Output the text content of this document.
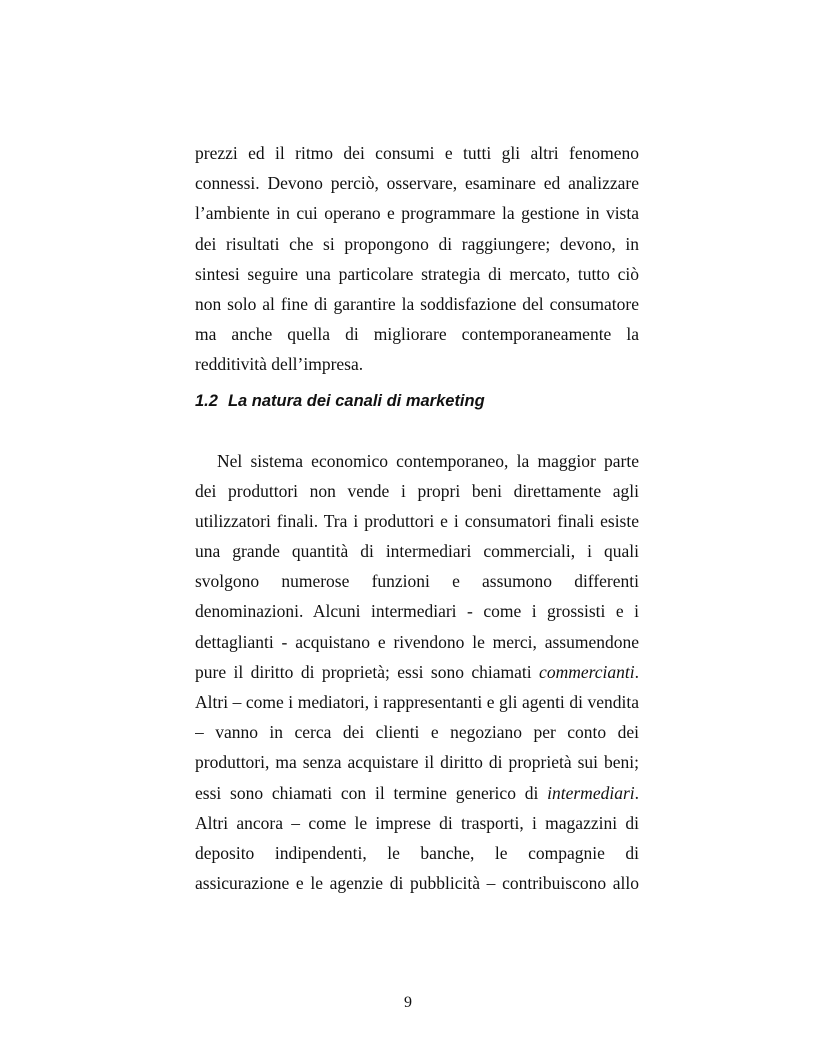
prezzi ed il ritmo dei consumi e tutti gli altri fenomeno
connessi. Devono perciò, osservare, esaminare ed analizzare
l’ambiente in cui operano e programmare la gestione in vista
dei risultati che si propongono di raggiungere; devono, in
sintesi seguire una particolare strategia di mercato, tutto ciò
non solo al fine di garantire la soddisfazione del consumatore
ma anche quella di migliorare contemporaneamente la
redditività dell’impresa.
1.2 La natura dei canali di marketing
Nel sistema economico contemporaneo, la maggior parte
dei produttori non vende i propri beni direttamente agli
utilizzatori finali. Tra i produttori e i consumatori finali esiste
una grande quantità di intermediari commerciali, i quali
svolgono numerose funzioni e assumono differenti
denominazioni. Alcuni intermediari - come i grossisti e i
dettaglianti - acquistano e rivendono le merci, assumendone
pure il diritto di proprietà; essi sono chiamati commercianti.
Altri – come i mediatori, i rappresentanti e gli agenti di vendita
– vanno in cerca dei clienti e negoziano per conto dei
produttori, ma senza acquistare il diritto di proprietà sui beni;
essi sono chiamati con il termine generico di intermediari.
Altri ancora – come le imprese di trasporti, i magazzini di
deposito indipendenti, le banche, le compagnie di
assicurazione e le agenzie di pubblicità – contribuiscono allo
9
